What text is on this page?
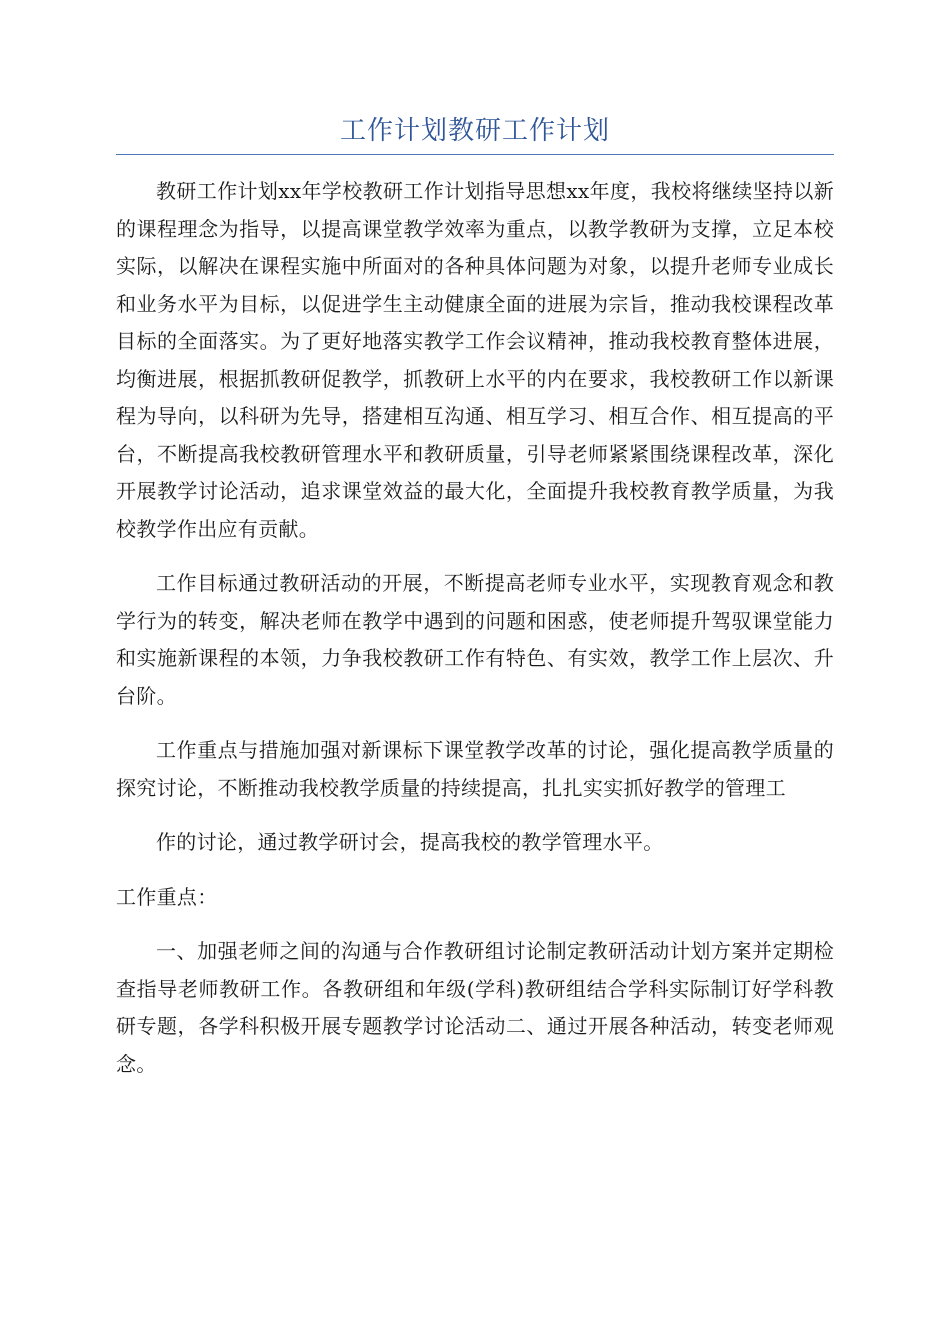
工作计划教研工作计划

教研工作计划xx年学校教研工作计划指导思想xx年度，我校将继续坚持以新的课程理念为指导，以提高课堂教学效率为重点，以教学教研为支撑，立足本校实际，以解决在课程实施中所面对的各种具体问题为对象，以提升老师专业成长和业务水平为目标，以促进学生主动健康全面的进展为宗旨，推动我校课程改革目标的全面落实。为了更好地落实教学工作会议精神，推动我校教育整体进展，均衡进展，根据抓教研促教学，抓教研上水平的内在要求，我校教研工作以新课程为导向，以科研为先导，搭建相互沟通、相互学习、相互合作、相互提高的平台，不断提高我校教研管理水平和教研质量，引导老师紧紧围绕课程改革，深化开展教学讨论活动，追求课堂效益的最大化，全面提升我校教育教学质量，为我校教学作出应有贡献。

工作目标通过教研活动的开展，不断提高老师专业水平，实现教育观念和教学行为的转变，解决老师在教学中遇到的问题和困惑，使老师提升驾驭课堂能力和实施新课程的本领，力争我校教研工作有特色、有实效，教学工作上层次、升台阶。

工作重点与措施加强对新课标下课堂教学改革的讨论，强化提高教学质量的探究讨论，不断推动我校教学质量的持续提高，扎扎实实抓好教学的管理工

作的讨论，通过教学研讨会，提高我校的教学管理水平。

工作重点：

一、加强老师之间的沟通与合作教研组讨论制定教研活动计划方案并定期检查指导老师教研工作。各教研组和年级(学科)教研组结合学科实际制订好学科教研专题，各学科积极开展专题教学讨论活动二、通过开展各种活动，转变老师观念。
